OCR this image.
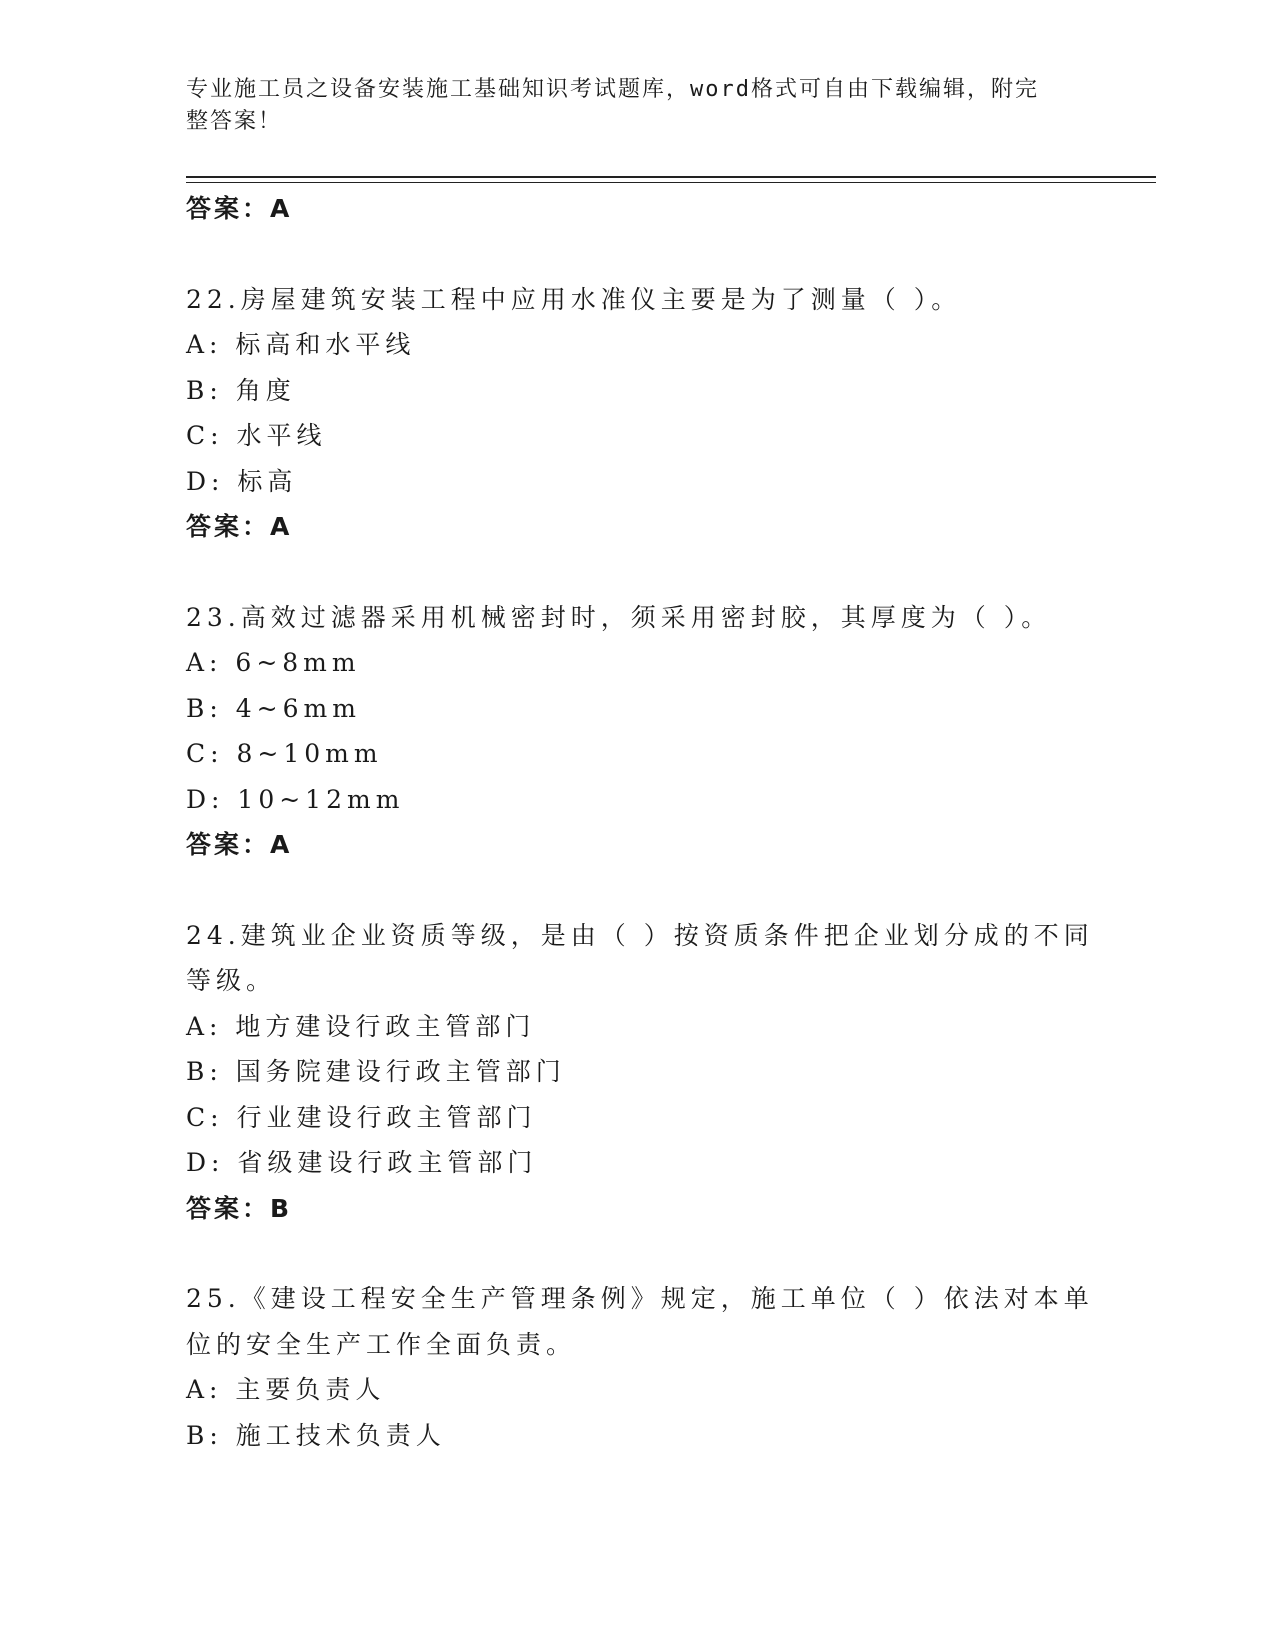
专业施工员之设备安装施工基础知识考试题库，word格式可自由下载编辑，附完
整答案！
答案：A
22.房屋建筑安装工程中应用水准仪主要是为了测量（ ）。
A: 标高和水平线
B: 角度
C: 水平线
D: 标高
答案：A
23.高效过滤器采用机械密封时，须采用密封胶，其厚度为（ ）。
A: 6~8mm
B: 4~6mm
C: 8~10mm
D: 10~12mm
答案：A
24.建筑业企业资质等级，是由（ ）按资质条件把企业划分成的不同
等级。
A: 地方建设行政主管部门
B: 国务院建设行政主管部门
C: 行业建设行政主管部门
D: 省级建设行政主管部门
答案：B
25.《建设工程安全生产管理条例》规定，施工单位（ ）依法对本单
位的安全生产工作全面负责。
A: 主要负责人
B: 施工技术负责人
